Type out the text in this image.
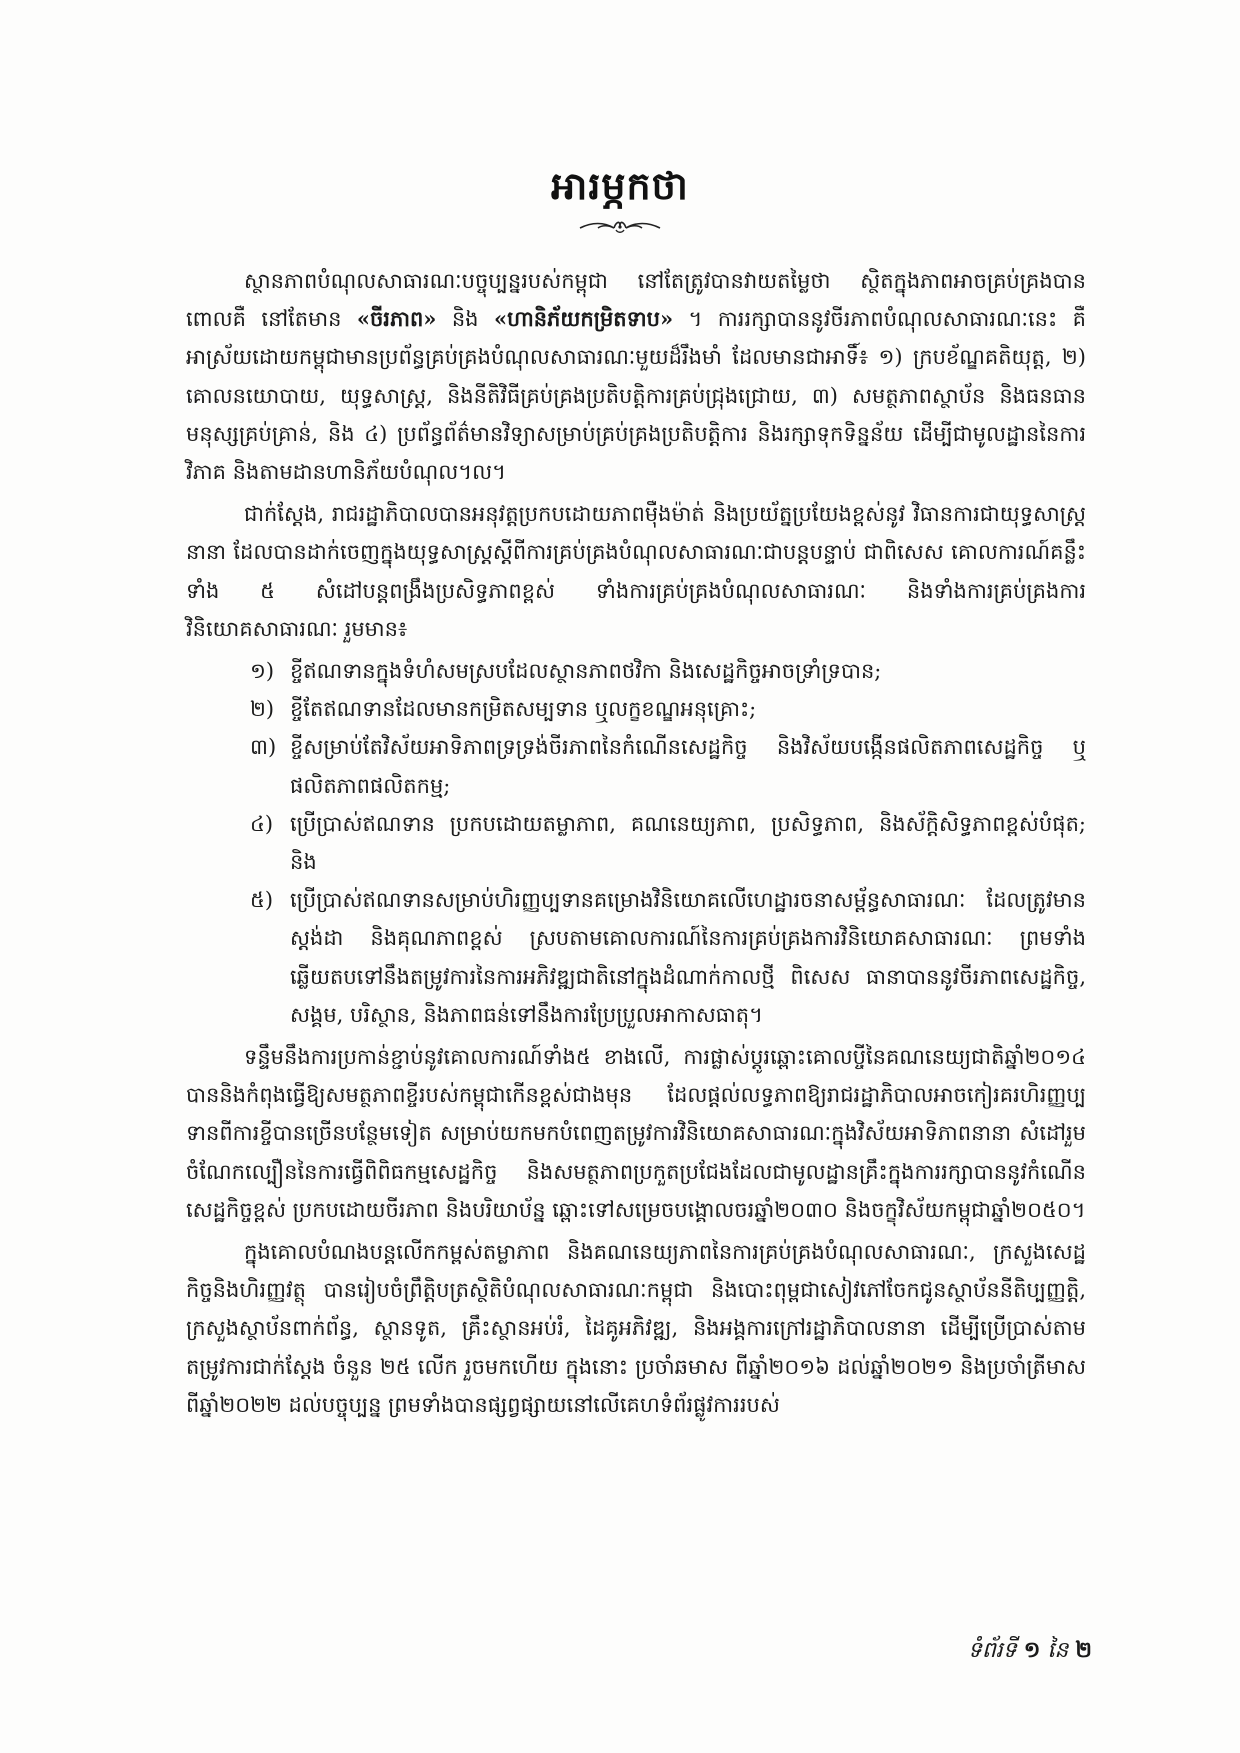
អារម្ភកថា

ស្ថានភាពបំណុលសាធារណៈបច្ចុប្បន្នរបស់កម្ពុជា នៅតែត្រូវបានវាយតម្លៃថា ស្ថិតក្នុងភាពអាចគ្រប់គ្រងបាន ពោលគឺ នៅតែមាន «ចីរភាព» និង «ហានិភ័យកម្រិតទាប» ។ ការរក្សាបាននូវចីរភាពបំណុលសាធារណៈនេះ គឺអាស្រ័យដោយកម្ពុជាមានប្រព័ន្ធគ្រប់គ្រងបំណុលសាធារណៈមួយដ៏រឹងមាំ ដែលមានជាអាទិ៍៖ ១) ក្របខ័ណ្ឌគតិយុត្ត, ២) គោលនយោបាយ, យុទ្ធសាស្ត្រ, និងនីតិវិធីគ្រប់គ្រងប្រតិបត្តិការគ្រប់ជ្រុងជ្រោយ, ៣) សមត្ថភាពស្ថាប័ន និងធនធានមនុស្សគ្រប់គ្រាន់, និង ៤) ប្រព័ន្ធព័ត៌មានវិទ្យាសម្រាប់គ្រប់គ្រងប្រតិបត្តិការ និងរក្សាទុកទិន្នន័យ ដើម្បីជាមូលដ្ឋាននៃការវិភាគ និងតាមដានហានិភ័យបំណុល។ល។

ជាក់ស្តែង, រាជរដ្ឋាភិបាលបានអនុវត្តប្រកបដោយភាពម៉ឺងម៉ាត់ និងប្រយ័ត្នប្រយែងខ្ពស់នូវ វិធានការជាយុទ្ធសាស្ត្រនានា ដែលបានដាក់ចេញក្នុងយុទ្ធសាស្ត្រស្តីពីការគ្រប់គ្រងបំណុលសាធារណៈជាបន្តបន្ទាប់ ជាពិសេស គោលការណ៍គន្លឹះទាំង ៥ សំដៅបន្តពង្រឹងប្រសិទ្ធភាពខ្ពស់ ទាំងការគ្រប់គ្រងបំណុលសាធារណៈ និងទាំងការគ្រប់គ្រងការវិនិយោគសាធារណៈ រួមមាន៖

១) ខ្ចីឥណទានក្នុងទំហំសមស្របដែលស្ថានភាពថវិកា និងសេដ្ឋកិច្ចអាចទ្រាំទ្របាន;
២) ខ្ចីតែឥណទានដែលមានកម្រិតសម្បទាន ឬលក្ខខណ្ឌអនុគ្រោះ;
៣) ខ្ចីសម្រាប់តែវិស័យអាទិភាពទ្រទ្រង់ចីរភាពនៃកំណើនសេដ្ឋកិច្ច និងវិស័យបង្កើនផលិតភាពសេដ្ឋកិច្ច ឬផលិតភាពផលិតកម្ម;
៤) ប្រើប្រាស់ឥណទាន ប្រកបដោយតម្លាភាព, គណនេយ្យភាព, ប្រសិទ្ធភាព, និងស័ក្តិសិទ្ធភាពខ្ពស់បំផុត; និង
៥) ប្រើប្រាស់ឥណទានសម្រាប់ហិរញ្ញប្បទានគម្រោងវិនិយោគលើហេដ្ឋារចនាសម្ព័ន្ធសាធារណៈ ដែលត្រូវមានស្តង់ដា និងគុណភាពខ្ពស់ ស្របតាមគោលការណ៍នៃការគ្រប់គ្រងការវិនិយោគសាធារណៈ ព្រមទាំងឆ្លើយតបទៅនឹងតម្រូវការនៃការអភិវឌ្ឍជាតិនៅក្នុងដំណាក់កាលថ្មី ពិសេស ធានាបាននូវចីរភាពសេដ្ឋកិច្ច, សង្គម, បរិស្ថាន, និងភាពធន់ទៅនឹងការប្រែប្រួលអាកាសធាតុ។

ទន្ទឹមនឹងការប្រកាន់ខ្ជាប់នូវគោលការណ៍ទាំង៥ ខាងលើ, ការផ្លាស់ប្តូរឆ្ពោះគោលប្ចីនៃគណនេយ្យជាតិឆ្នាំ២០១៤ បាននិងកំពុងធ្វើឱ្យសមត្ថភាពខ្ចីរបស់កម្ពុជាកើនខ្ពស់ជាងមុន ដែលផ្តល់លទ្ធភាពឱ្យរាជរដ្ឋាភិបាលអាចកៀរគរហិរញ្ញប្បទានពីការខ្ចីបានច្រើនបន្ថែមទៀត សម្រាប់យកមកបំពេញតម្រូវការវិនិយោគសាធារណៈក្នុងវិស័យអាទិភាពនានា សំដៅរួមចំណែកល្បឿននៃការធ្វើពិពិធកម្មសេដ្ឋកិច្ច និងសមត្ថភាពប្រកួតប្រជែងដែលជាមូលដ្ឋានគ្រឹះក្នុងការរក្សាបាននូវកំណើនសេដ្ឋកិច្ចខ្ពស់ ប្រកបដោយចីរភាព និងបរិយាប័ន្ន ឆ្ពោះទៅសម្រេចបង្គោលចរឆ្នាំ២០៣០ និងចក្ខុវិស័យកម្ពុជាឆ្នាំ២០៥០។

ក្នុងគោលបំណងបន្តលើកកម្ពស់តម្លាភាព និងគណនេយ្យភាពនៃការគ្រប់គ្រងបំណុលសាធារណៈ, ក្រសួងសេដ្ឋកិច្ចនិងហិរញ្ញវត្ថុ បានរៀបចំព្រឹត្តិបត្រស្ថិតិបំណុលសាធារណៈកម្ពុជា និងបោះពុម្ពជាសៀវភៅចែកជូនស្ថាប័ននីតិប្បញ្ញត្តិ, ក្រសួងស្ថាប័នពាក់ព័ន្ធ, ស្ថានទូត, គ្រឹះស្ថានអប់រំ, ដៃគូអភិវឌ្ឍ, និងអង្គការក្រៅរដ្ឋាភិបាលនានា ដើម្បីប្រើប្រាស់តាមតម្រូវការជាក់ស្តែង ចំនួន ២៥ លើក រួចមកហើយ ក្នុងនោះ ប្រចាំឆមាស ពីឆ្នាំ២០១៦ ដល់ឆ្នាំ២០២១ និងប្រចាំត្រីមាស ពីឆ្នាំ២០២២ ដល់បច្ចុប្បន្ន ព្រមទាំងបានផ្សព្វផ្សាយនៅលើគេហទំព័រផ្លូវការរបស់

ទំព័រទី ១ នៃ ២
